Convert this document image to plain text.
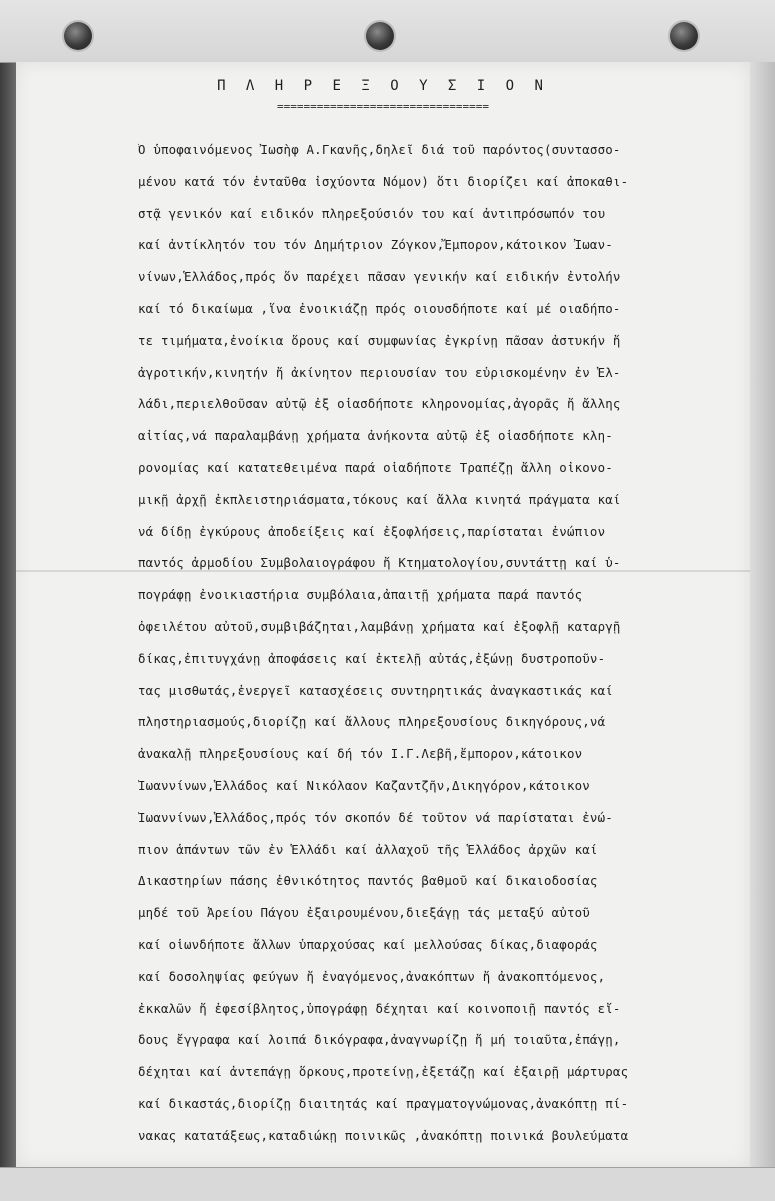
Π Λ Η Ρ Ε Ξ Ο Υ Σ Ι Ο Ν
================================
Ὁ ὑποφαινόμενος Ἰωσὴφ Α.Γκανῆς,δηλεῖ διά τοῦ παρόντος(συντασσο-
μένου κατά τόν ἐνταῦθα ἰσχύοντα Νόμον) ὅτι διορίζει καί ἀποκαθι-
στᾷ γενικόν καί ειδικόν πληρεξούσιόν του καί ἀντιπρόσωπόν του
καί ἀντίκλητόν του τόν Δημήτριον Ζόγκον,Ἔμπορον,κάτοικον Ἰωαν-
νίνων,Ἑλλάδος,πρός ὅν παρέχει πᾶσαν γενικήν καί ειδικήν ἐντολήν
καί τό δικαίωμα ,ἵνα ἐνοικιάζῃ πρός οιουσδήποτε καί μέ οιαδήπο-
τε τιμήματα,ἐνοίκια ὅρους καί συμφωνίας ἐγκρίνῃ πᾶσαν ἀστυκήν ἤ
ἀγροτικήν,κινητήν ἤ ἀκίνητον περιουσίαν του εὑρισκομένην ἐν Ἑλ-
λάδι,περιελθοῦσαν αὐτῷ ἐξ οἱασδήποτε κληρονομίας,ἀγορᾶς ἤ ἄλλης
αἰτίας,νά παραλαμβάνῃ χρήματα ἀνήκοντα αὐτῷ ἐξ οἱασδήποτε κλη-
ρονομίας καί κατατεθειμένα παρά οἱαδήποτε Τραπέζῃ ἄλλη οἰκονο-
μικῇ ἀρχῇ ἐκπλειστηριάσματα,τόκους καί ἄλλα κινητά πράγματα καί
νά δίδῃ ἐγκύρους ἀποδείξεις καί ἐξοφλήσεις,παρίσταται ἐνώπιον
παντός ἀρμοδίου Συμβολαιογράφου ἤ Κτηματολογίου,συντάττῃ καί ὑ-
πογράφῃ ἐνοικιαστήρια συμβόλαια,ἀπαιτῇ χρήματα παρά παντός
ὀφειλέτου αὐτοῦ,συμβιβάζηται,λαμβάνῃ χρήματα καί ἐξοφλῇ καταργῇ
δίκας,ἐπιτυγχάνῃ ἀποφάσεις καί ἐκτελῇ αὐτάς,ἐξώνῃ δυστροποῦν-
τας μισθωτάς,ἐνεργεῖ κατασχέσεις συντηρητικάς ἀναγκαστικάς καί
πληστηριασμούς,διορίζῃ καί ἄλλους πληρεξουσίους δικηγόρους,νά
ἀνακαλῇ πληρεξουσίους καί δή τόν Ι.Γ.Λεβῆ,ἔμπορον,κάτοικον
Ἰωαννίνων,Ἑλλάδος καί Νικόλαον Καζαντζῆν,Δικηγόρον,κάτοικον
Ἰωαννίνων,Ἑλλάδος,πρός τόν σκοπόν δέ τοῦτον νά παρίσταται ἐνώ-
πιον ἁπάντων τῶν ἐν Ἑλλάδι καί ἀλλαχοῦ τῆς Ἑλλάδος ἀρχῶν καί
Δικαστηρίων πάσης ἐθνικότητος παντός βαθμοῦ καί δικαιοδοσίας
μηδέ τοῦ Ἀρείου Πάγου ἐξαιρουμένου,διεξάγῃ τάς μεταξύ αὐτοῦ
καί οἱωνδήποτε ἄλλων ὑπαρχούσας καί μελλούσας δίκας,διαφοράς
καί δοσοληψίας φεύγων ἤ ἐναγόμενος,ἀνακόπτων ἤ ἀνακοπτόμενος,
ἐκκαλῶν ἤ ἐφεσίβλητος,ὑπογράφῃ δέχηται καί κοινοποιῇ παντός εἴ-
δους ἔγγραφα καί λοιπά δικόγραφα,ἀναγνωρίζῃ ἤ μή τοιαῦτα,ἐπάγῃ,
δέχηται καί ἀντεπάγῃ ὅρκους,προτείνῃ,ἐξετάζῃ καί ἐξαιρῇ μάρτυρας
καί δικαστάς,διορίζῃ διαιτητάς καί πραγματογνώμονας,ἀνακόπτῃ πί-
νακας κατατάξεως,καταδιώκῃ ποινικῶς ,ἀνακόπτῃ ποινικά βουλεύματα
